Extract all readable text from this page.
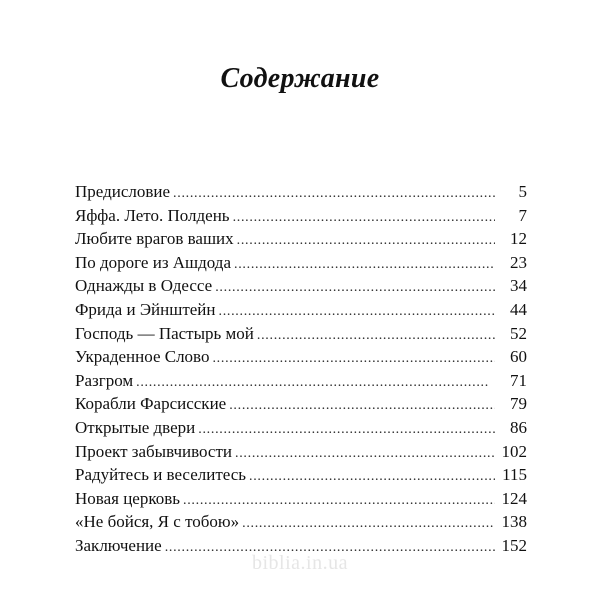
Содержание
Предисловие . . .	5
Яффа. Лето. Полдень . . .	7
Любите врагов ваших . . .	12
По дороге из Ашдода . . .	23
Однажды в Одессе . . .	34
Фрида и Эйнштейн . . .	44
Господь — Пастырь мой . . .	52
Украденное Слово . . .	60
Разгром . . .	71
Корабли Фарсисские . . .	79
Открытые двери . . .	86
Проект забывчивости . . .	102
Радуйтесь и веселитесь . . .	115
Новая церковь . . .	124
«Не бойся, Я с тобою» . . .	138
Заключение . . .	152
biblia.in.ua
